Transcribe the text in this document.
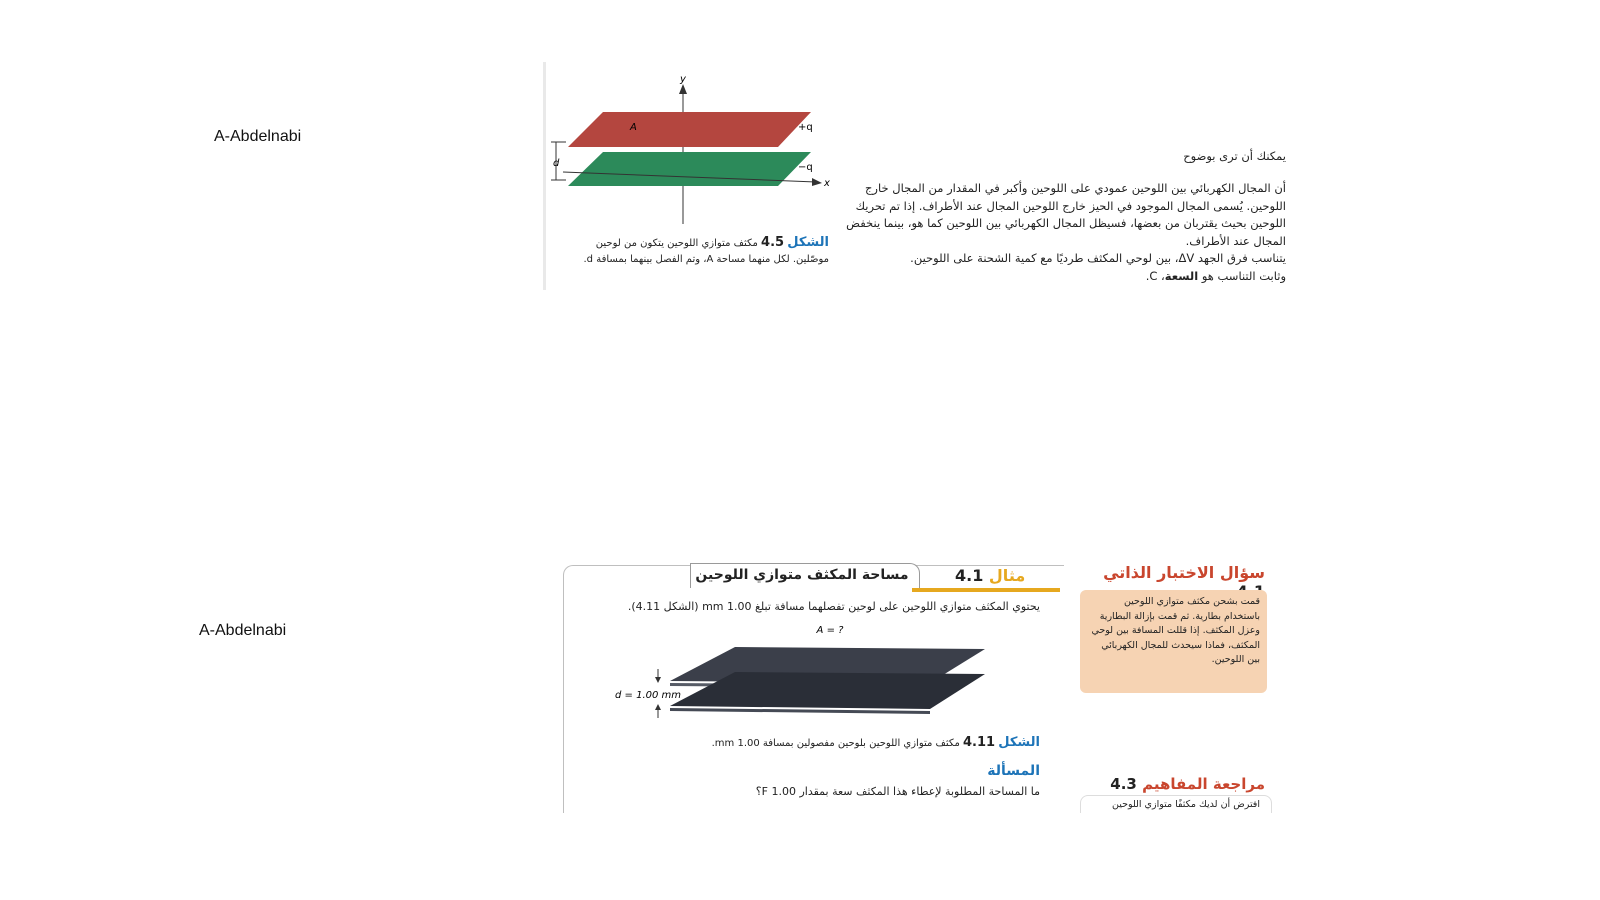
A-Abdelnabi
A-Abdelnabi
y
x
A	+q
−q
d
الشكل 4.5 مكثف متوازي اللوحين يتكون من لوحين موصّلين. لكل منهما مساحة A، وتم الفصل بينهما بمسافة d.
يمكنك أن ترى بوضوح
أن المجال الكهربائي بين اللوحين عمودي على اللوحين وأكبر في المقدار من المجال خارج اللوحين. يُسمى المجال الموجود في الحيز خارج اللوحين المجال عند الأطراف. إذا تم تحريك اللوحين بحيث يقتربان من بعضها، فسيظل المجال الكهربائي بين اللوحين كما هو، بينما ينخفض المجال عند الأطراف.
يتناسب فرق الجهد ΔV، بين لوحي المكثف طرديًا مع كمية الشحنة على اللوحين.
وثابت التناسب هو السعة، C.
مساحة المكثف متوازي اللوحين	مثال 4.1
يحتوي المكثف متوازي اللوحين على لوحين تفصلهما مسافة تبلغ 1.00 mm (الشكل 4.11).
A = ?
d = 1.00 mm
الشكل 4.11 مكثف متوازي اللوحين بلوحين مفصولين بمسافة 1.00 mm.
المسألة
ما المساحة المطلوبة لإعطاء هذا المكثف سعة بمقدار 1.00 F؟
سؤال الاختبار الذاتي
قمت بشحن مكثف متوازي اللوحين باستخدام بطارية. ثم قمت بإزالة البطارية وعزل المكثف. إذا قللت المسافة بين لوحي المكثف، فماذا سيحدث للمجال الكهربائي بين اللوحين.
مراجعة المفاهيم 4.3
افترض أن لديك مكثفًا متوازي اللوحين
